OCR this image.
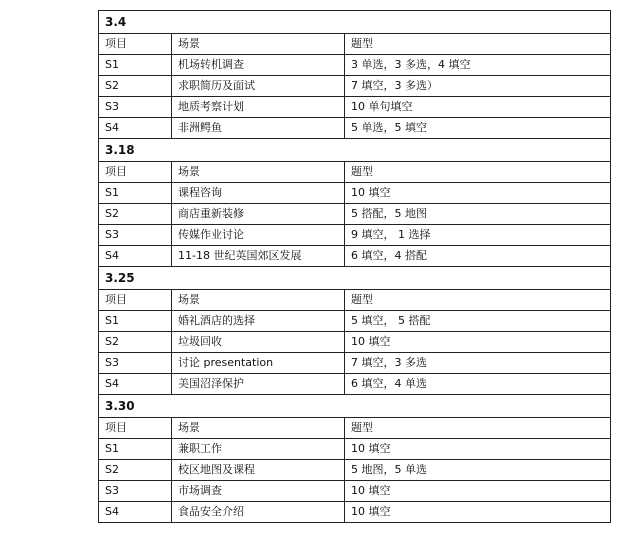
3.4		
项目	场景	题型
S1	机场转机调查	3 单选，3 多选，4 填空
S2	求职简历及面试	7 填空，3 多选）
S3	地质考察计划	10 单句填空
S4	非洲鳄鱼	5 单选，5 填空
3.18		
项目	场景	题型
S1	课程咨询	10 填空
S2	商店重新装修	5 搭配，5 地图
S3	传媒作业讨论	9 填空， 1 选择
S4	11-18 世纪英国郊区发展	6 填空，4 搭配
3.25		
项目	场景	题型
S1	婚礼酒店的选择	5 填空， 5 搭配
S2	垃圾回收	10 填空
S3	讨论 presentation	7 填空，3 多选
S4	美国沼泽保护	6 填空，4 单选
3.30		
项目	场景	题型
S1	兼职工作	10 填空
S2	校区地图及课程	5 地图，5 单选
S3	市场调查	10 填空
S4	食品安全介绍	10 填空
